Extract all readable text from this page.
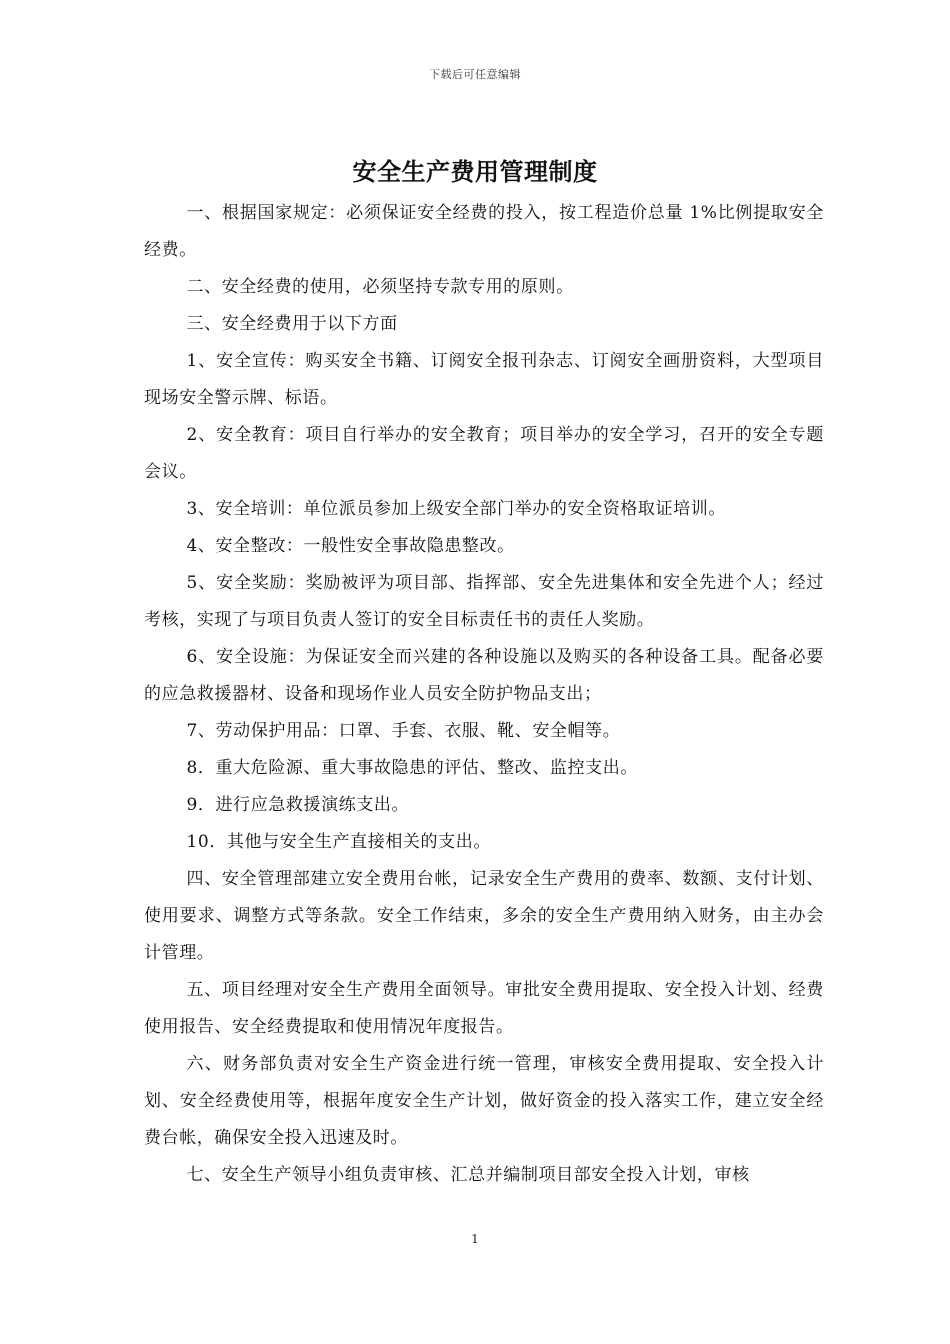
下载后可任意编辑
安全生产费用管理制度

一、根据国家规定：必须保证安全经费的投入，按工程造价总量 1%比例提取安全经费。

二、安全经费的使用，必须坚持专款专用的原则。

三、安全经费用于以下方面

1、安全宣传：购买安全书籍、订阅安全报刊杂志、订阅安全画册资料，大型项目现场安全警示牌、标语。

2、安全教育：项目自行举办的安全教育；项目举办的安全学习，召开的安全专题会议。

3、安全培训：单位派员参加上级安全部门举办的安全资格取证培训。

4、安全整改：一般性安全事故隐患整改。

5、安全奖励：奖励被评为项目部、指挥部、安全先进集体和安全先进个人；经过考核，实现了与项目负责人签订的安全目标责任书的责任人奖励。

6、安全设施：为保证安全而兴建的各种设施以及购买的各种设备工具。配备必要的应急救援器材、设备和现场作业人员安全防护物品支出；

7、劳动保护用品：口罩、手套、衣服、靴、安全帽等。

8．重大危险源、重大事故隐患的评估、整改、监控支出。

9．进行应急救援演练支出。

10．其他与安全生产直接相关的支出。

四、安全管理部建立安全费用台帐，记录安全生产费用的费率、数额、支付计划、使用要求、调整方式等条款。安全工作结束，多余的安全生产费用纳入财务，由主办会计管理。

五、项目经理对安全生产费用全面领导。审批安全费用提取、安全投入计划、经费使用报告、安全经费提取和使用情况年度报告。

六、财务部负责对安全生产资金进行统一管理，审核安全费用提取、安全投入计划、安全经费使用等，根据年度安全生产计划，做好资金的投入落实工作，建立安全经费台帐，确保安全投入迅速及时。

七、安全生产领导小组负责审核、汇总并编制项目部安全投入计划，审核

1
